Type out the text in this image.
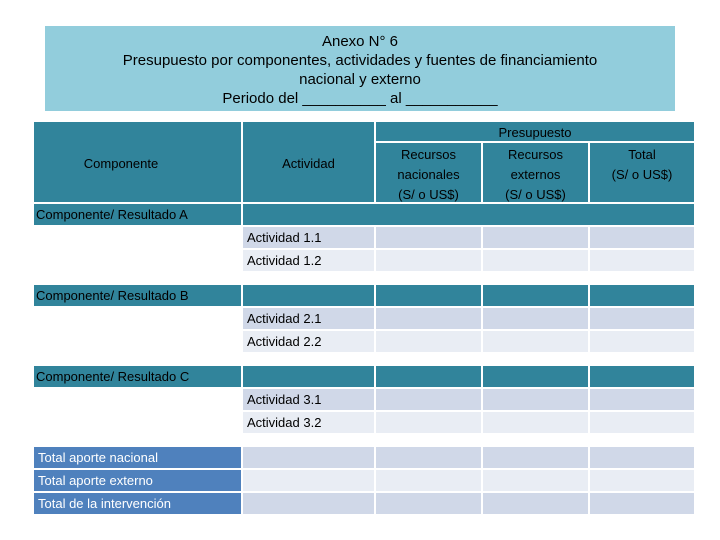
Anexo N° 6
Presupuesto por componentes, actividades y fuentes de financiamiento
nacional y externo
Periodo del __________ al ___________
Componente	Actividad
Presupuesto
Recursos
nacionales
(S/ o US$)
Recursos
externos
(S/ o US$)
Total
(S/ o US$)
Componente/ Resultado A
Actividad 1.1
Actividad 1.2
Componente/ Resultado B
Actividad 2.1
Actividad 2.2
Componente/ Resultado C
Actividad 3.1
Actividad 3.2
Total aporte nacional
Total aporte externo
Total de la intervención
